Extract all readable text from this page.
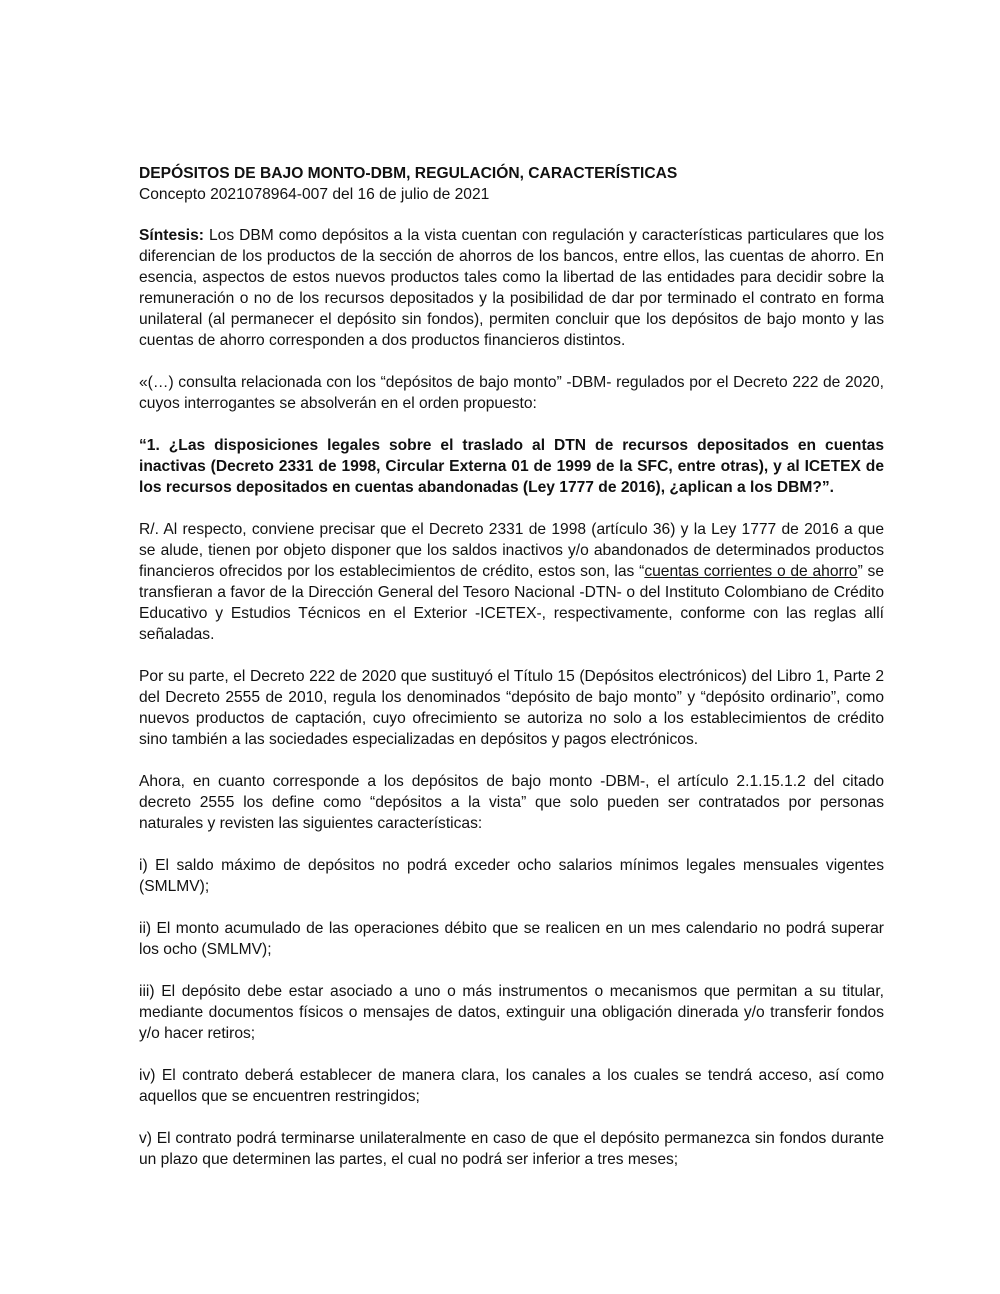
DEPÓSITOS DE BAJO MONTO-DBM, REGULACIÓN, CARACTERÍSTICAS
Concepto 2021078964-007 del 16 de julio de 2021

Síntesis: Los DBM como depósitos a la vista cuentan con regulación y características particulares que los diferencian de los productos de la sección de ahorros de los bancos, entre ellos, las cuentas de ahorro. En esencia, aspectos de estos nuevos productos tales como la libertad de las entidades para decidir sobre la remuneración o no de los recursos depositados y la posibilidad de dar por terminado el contrato en forma unilateral (al permanecer el depósito sin fondos), permiten concluir que los depósitos de bajo monto y las cuentas de ahorro corresponden a dos productos financieros distintos.

«(…) consulta relacionada con los “depósitos de bajo monto” -DBM- regulados por el Decreto 222 de 2020, cuyos interrogantes se absolverán en el orden propuesto:

“1. ¿Las disposiciones legales sobre el traslado al DTN de recursos depositados en cuentas inactivas (Decreto 2331 de 1998, Circular Externa 01 de 1999 de la SFC, entre otras), y al ICETEX de los recursos depositados en cuentas abandonadas (Ley 1777 de 2016), ¿aplican a los DBM?”.

R/. Al respecto, conviene precisar que el Decreto 2331 de 1998 (artículo 36) y la Ley 1777 de 2016 a que se alude, tienen por objeto disponer que los saldos inactivos y/o abandonados de determinados productos financieros ofrecidos por los establecimientos de crédito, estos son, las “cuentas corrientes o de ahorro” se transfieran a favor de la Dirección General del Tesoro Nacional -DTN- o del Instituto Colombiano de Crédito Educativo y Estudios Técnicos en el Exterior -ICETEX-, respectivamente, conforme con las reglas allí señaladas.

Por su parte, el Decreto 222 de 2020 que sustituyó el Título 15 (Depósitos electrónicos) del Libro 1, Parte 2 del Decreto 2555 de 2010, regula los denominados “depósito de bajo monto” y “depósito ordinario”, como nuevos productos de captación, cuyo ofrecimiento se autoriza no solo a los establecimientos de crédito sino también a las sociedades especializadas en depósitos y pagos electrónicos.

Ahora, en cuanto corresponde a los depósitos de bajo monto -DBM-, el artículo 2.1.15.1.2 del citado decreto 2555 los define como “depósitos a la vista” que solo pueden ser contratados por personas naturales y revisten las siguientes características:

i) El saldo máximo de depósitos no podrá exceder ocho salarios mínimos legales mensuales vigentes (SMLMV);

ii) El monto acumulado de las operaciones débito que se realicen en un mes calendario no podrá superar los ocho (SMLMV);

iii) El depósito debe estar asociado a uno o más instrumentos o mecanismos que permitan a su titular, mediante documentos físicos o mensajes de datos, extinguir una obligación dinerada y/o transferir fondos y/o hacer retiros;

iv) El contrato deberá establecer de manera clara, los canales a los cuales se tendrá acceso, así como aquellos que se encuentren restringidos;

v) El contrato podrá terminarse unilateralmente en caso de que el depósito permanezca sin fondos durante un plazo que determinen las partes, el cual no podrá ser inferior a tres meses;
